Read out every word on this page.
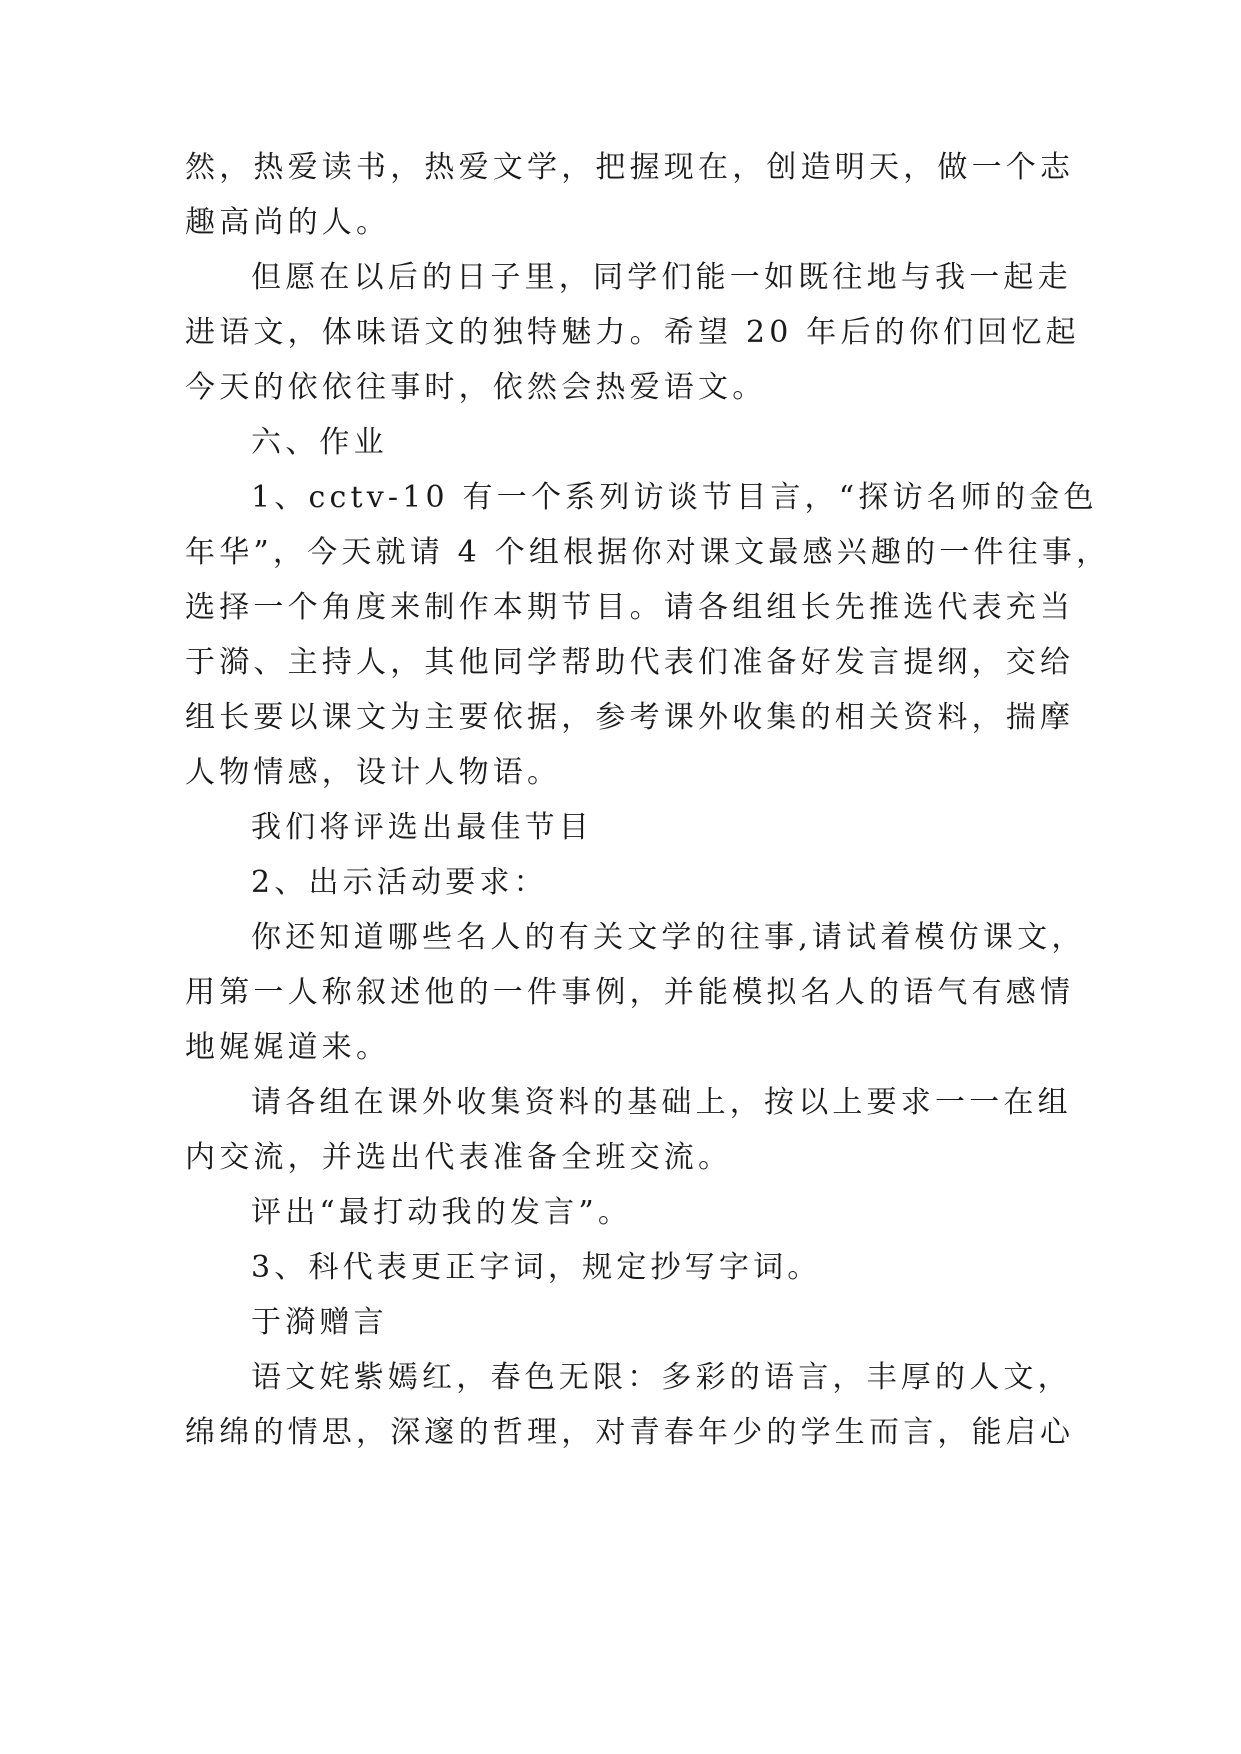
然，热爱读书，热爱文学，把握现在，创造明天，做一个志

趣高尚的人。

但愿在以后的日子里，同学们能一如既往地与我一起走

进语文，体味语文的独特魅力。希望 20 年后的你们回忆起

今天的依依往事时，依然会热爱语文。

六、作业

1、cctv-10 有一个系列访谈节目言，“探访名师的金色

年华”，今天就请 4 个组根据你对课文最感兴趣的一件往事，

选择一个角度来制作本期节目。请各组组长先推选代表充当

于漪、主持人，其他同学帮助代表们准备好发言提纲，交给

组长要以课文为主要依据，参考课外收集的相关资料，揣摩

人物情感，设计人物语。

我们将评选出最佳节目

2、出示活动要求：

你还知道哪些名人的有关文学的往事,请试着模仿课文，

用第一人称叙述他的一件事例，并能模拟名人的语气有感情

地娓娓道来。

请各组在课外收集资料的基础上，按以上要求一一在组

内交流，并选出代表准备全班交流。

评出“最打动我的发言”。

3、科代表更正字词，规定抄写字词。

于漪赠言

语文姹紫嫣红，春色无限：多彩的语言，丰厚的人文，

绵绵的情思，深邃的哲理，对青春年少的学生而言，能启心
